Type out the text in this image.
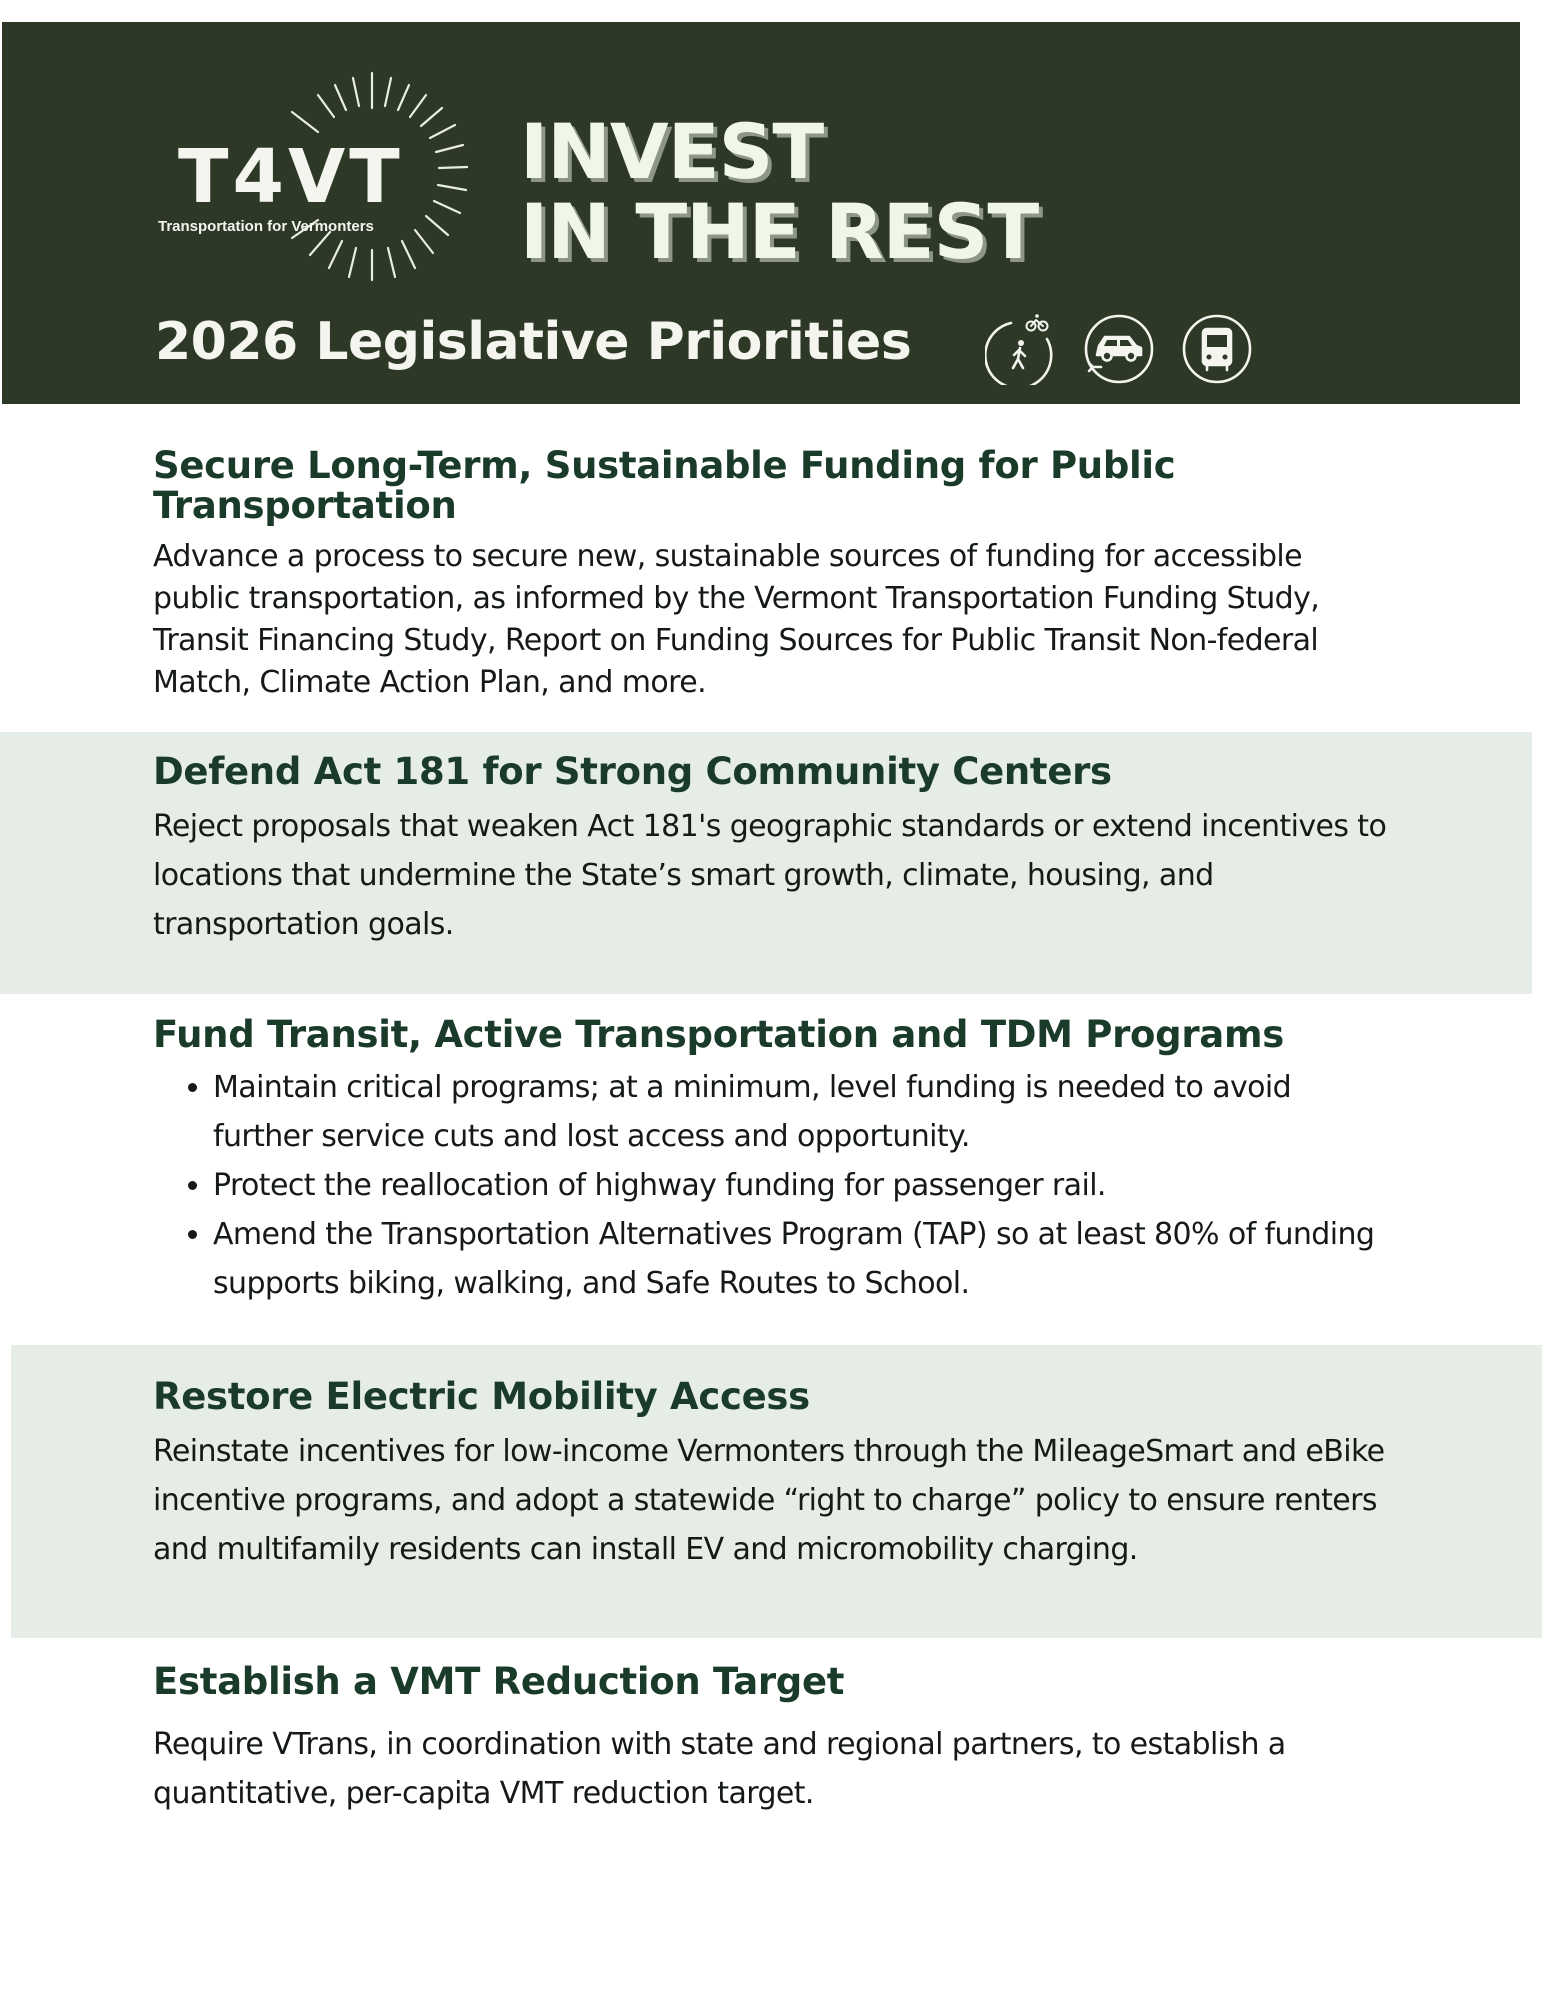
T4VT
Transportation for Vermonters
INVEST
IN THE REST
2026 Legislative Priorities
Secure Long-Term, Sustainable Funding for Public Transportation

Advance a process to secure new, sustainable sources of funding for accessible public transportation, as informed by the Vermont Transportation Funding Study, Transit Financing Study, Report on Funding Sources for Public Transit Non-federal Match, Climate Action Plan, and more.

Defend Act 181 for Strong Community Centers

Reject proposals that weaken Act 181's geographic standards or extend incentives to locations that undermine the State’s smart growth, climate, housing, and transportation goals.

Fund Transit, Active Transportation and TDM Programs
• Maintain critical programs; at a minimum, level funding is needed to avoid further service cuts and lost access and opportunity.
• Protect the reallocation of highway funding for passenger rail.
• Amend the Transportation Alternatives Program (TAP) so at least 80% of funding supports biking, walking, and Safe Routes to School.
Restore Electric Mobility Access

Reinstate incentives for low-income Vermonters through the MileageSmart and eBike incentive programs, and adopt a statewide “right to charge” policy to ensure renters and multifamily residents can install EV and micromobility charging.

Establish a VMT Reduction Target

Require VTrans, in coordination with state and regional partners, to establish a quantitative, per-capita VMT reduction target.
